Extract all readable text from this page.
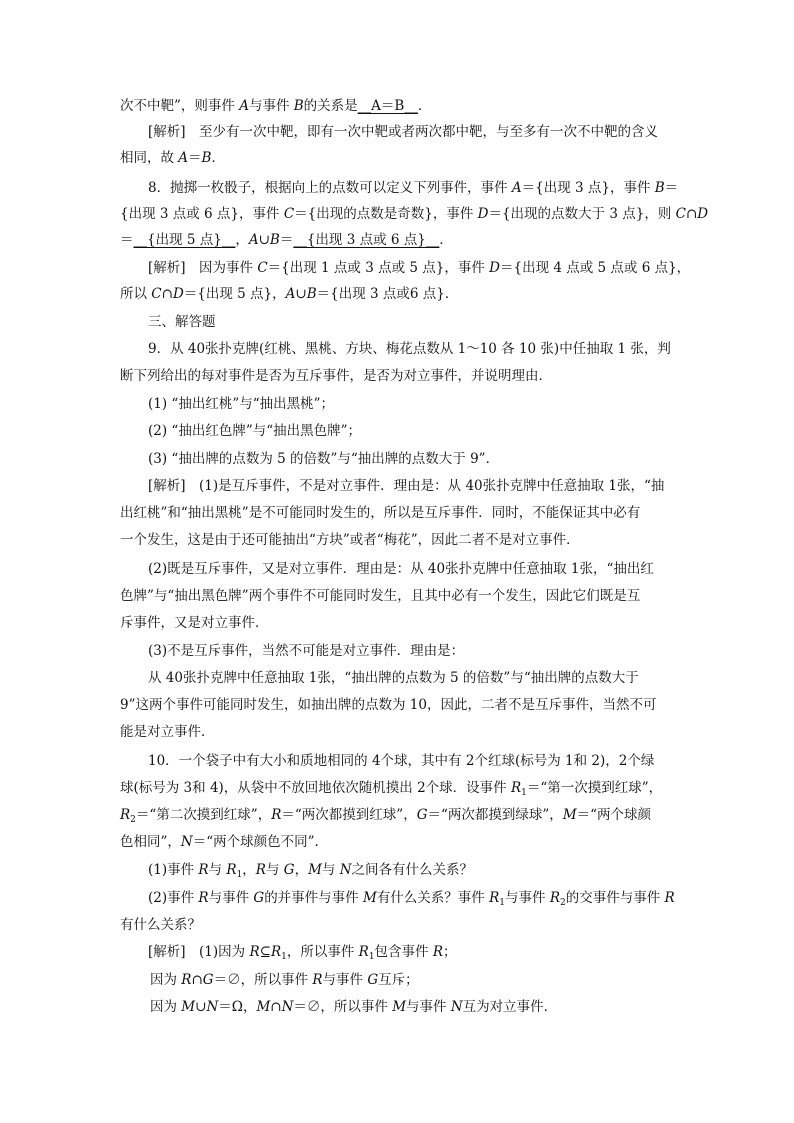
次不中靶”，则事件 A与事件 B的关系是__A＝B__．
[解析]　至少有一次中靶，即有一次中靶或者两次都中靶，与至多有一次不中靶的含义
相同，故 A＝B．
8．抛掷一枚骰子，根据向上的点数可以定义下列事件，事件 A＝{出现 3 点}，事件 B＝
{出现 3 点或 6 点}，事件 C＝{出现的点数是奇数}，事件 D＝{出现的点数大于 3 点}，则 C∩D
＝__{出现 5 点}__，A∪B＝__{出现 3 点或 6 点}__．
[解析]　因为事件 C＝{出现 1 点或 3 点或 5 点}，事件 D＝{出现 4 点或 5 点或 6 点}，
所以 C∩D＝{出现 5 点}，A∪B＝{出现 3 点或6 点}．
三、解答题
9．从 40张扑克牌(红桃、黑桃、方块、梅花点数从 1～10 各 10 张)中任抽取 1 张，判
断下列给出的每对事件是否为互斥事件，是否为对立事件，并说明理由．
(1) “抽出红桃”与“抽出黑桃”；
(2) “抽出红色牌”与“抽出黑色牌”；
(3) “抽出牌的点数为 5 的倍数”与“抽出牌的点数大于 9”．
[解析]　(1)是互斥事件，不是对立事件．理由是：从 40张扑克牌中任意抽取 1张，“抽
出红桃”和“抽出黑桃”是不可能同时发生的，所以是互斥事件．同时，不能保证其中必有
一个发生，这是由于还可能抽出“方块”或者“梅花”，因此二者不是对立事件．
(2)既是互斥事件，又是对立事件．理由是：从 40张扑克牌中任意抽取 1张，“抽出红
色牌”与“抽出黑色牌”两个事件不可能同时发生，且其中必有一个发生，因此它们既是互
斥事件，又是对立事件．
(3)不是互斥事件，当然不可能是对立事件．理由是：
从 40张扑克牌中任意抽取 1张，“抽出牌的点数为 5 的倍数”与“抽出牌的点数大于
9”这两个事件可能同时发生，如抽出牌的点数为 10，因此，二者不是互斥事件，当然不可
能是对立事件．
10．一个袋子中有大小和质地相同的 4个球，其中有 2个红球(标号为 1和 2)，2个绿
球(标号为 3和 4)，从袋中不放回地依次随机摸出 2个球．设事件 $R_1=“$第一次摸到红球”，
$R_2=“$第二次摸到红球”，R＝“两次都摸到红球”，G＝“两次都摸到绿球”，M＝“两个球颜
色相同”，N＝“两个球颜色不同”．
(1)事件 R与 $R_1$，R与 G，M与 N之间各有什么关系？
(2)事件 R与事件 G的并事件与事件 M有什么关系？事件 $R_1$与事件 $R_2$的交事件与事件 R
有什么关系？
[解析]　(1)因为 $R⊆R_1$，所以事件 $R_1$包含事件 R；
因为 R∩G＝∅，所以事件 R与事件 G互斥；
因为 M∪N＝Ω，M∩N＝∅，所以事件 M与事件 N互为对立事件．
